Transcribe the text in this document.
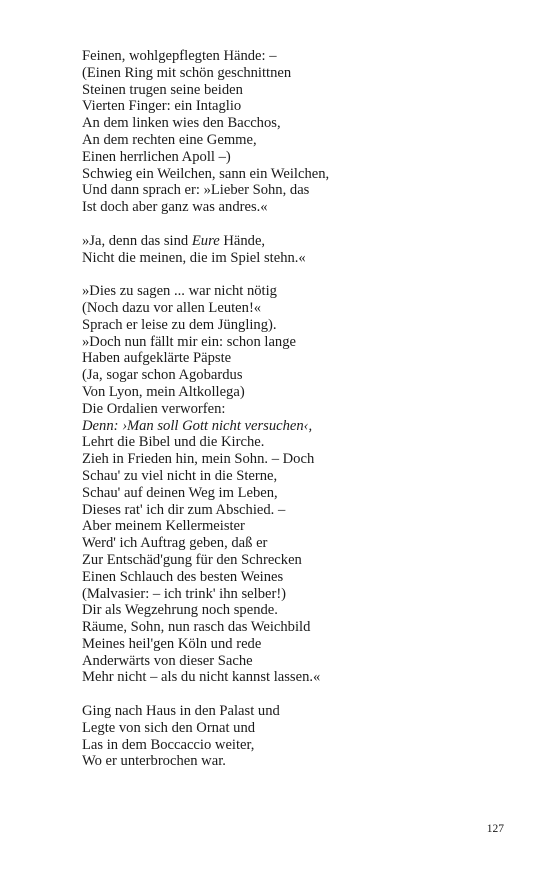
Feinen, wohlgepflegten Hände: –
(Einen Ring mit schön geschnittnen
Steinen trugen seine beiden
Vierten Finger: ein Intaglio
An dem linken wies den Bacchos,
An dem rechten eine Gemme,
Einen herrlichen Apoll –)
Schwieg ein Weilchen, sann ein Weilchen,
Und dann sprach er: »Lieber Sohn, das
Ist doch aber ganz was andres.«
»Ja, denn das sind Eure Hände,
Nicht die meinen, die im Spiel stehn.«
»Dies zu sagen ... war nicht nötig
(Noch dazu vor allen Leuten!«
Sprach er leise zu dem Jüngling).
»Doch nun fällt mir ein: schon lange
Haben aufgeklärte Päpste
(Ja, sogar schon Agobardus
Von Lyon, mein Altkollega)
Die Ordalien verworfen:
Denn: ›Man soll Gott nicht versuchen‹,
Lehrt die Bibel und die Kirche.
Zieh in Frieden hin, mein Sohn. – Doch
Schau' zu viel nicht in die Sterne,
Schau' auf deinen Weg im Leben,
Dieses rat' ich dir zum Abschied. –
Aber meinem Kellermeister
Werd' ich Auftrag geben, daß er
Zur Entschäd'gung für den Schrecken
Einen Schlauch des besten Weines
(Malvasier: – ich trink' ihn selber!)
Dir als Wegzehrung noch spende.
Räume, Sohn, nun rasch das Weichbild
Meines heil'gen Köln und rede
Anderwärts von dieser Sache
Mehr nicht – als du nicht kannst lassen.«
Ging nach Haus in den Palast und
Legte von sich den Ornat und
Las in dem Boccaccio weiter,
Wo er unterbrochen war.
127
